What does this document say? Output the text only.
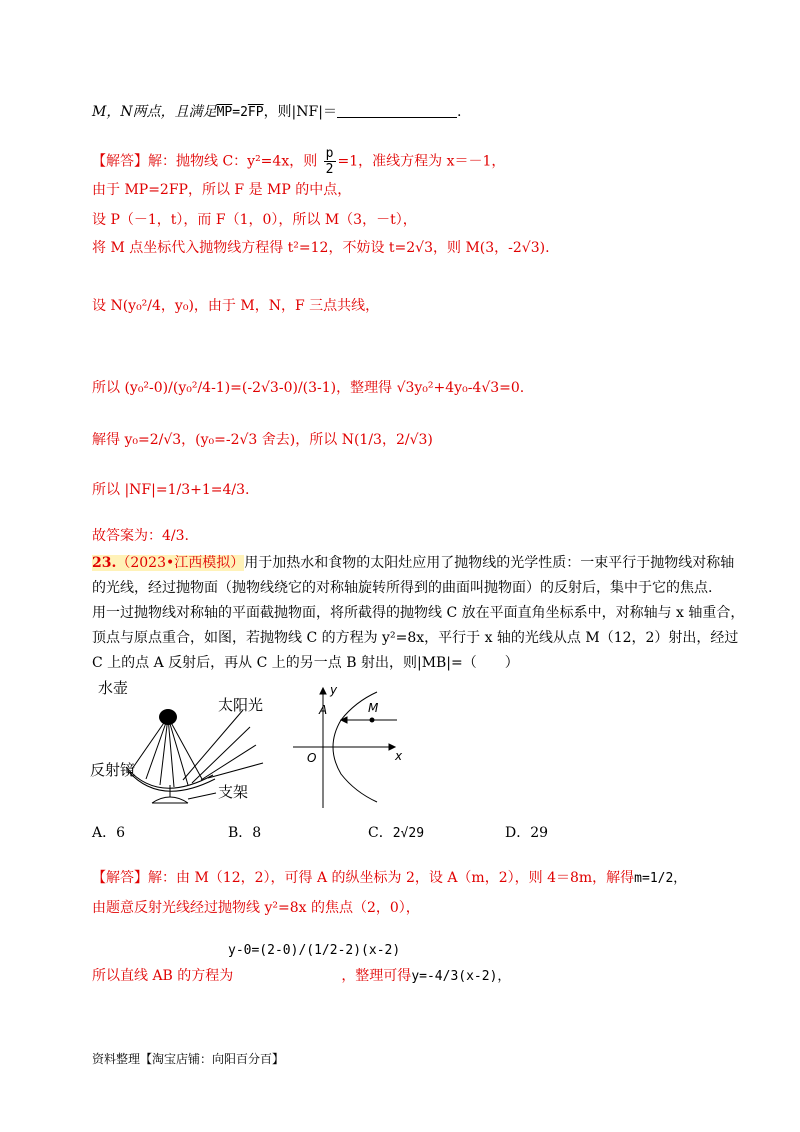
M，N两点，且满足$\overline{MP}=2\overline{FP}$，则|NF|＝	.
【解答】解：抛物线 C：y²=4x，则 $\frac{p}{2} =1$，准线方程为 x＝－1，
由于 MP=2FP，所以 F 是 MP 的中点，
设 P（－1，t），而 F（1，0），所以 M（3，－t），
将 M 点坐标代入抛物线方程得 t²=12，不妨设 t=2√3，则 M(3，-2√3).
设 N(y₀²/4，y₀)，由于 M，N，F 三点共线，
所以 (y₀²-0)/(y₀²/4-1)=(-2√3-0)/(3-1)，整理得 √3y₀²+4y₀-4√3=0.
解得 y₀=2/√3，(y₀=-2√3 舍去)，所以 N(1/3，2/√3)
所以 |NF|=1/3+1=4/3.
故答案为：4/3.
23.（2023•江西模拟）用于加热水和食物的太阳灶应用了抛物线的光学性质：一束平行于抛物线对称轴
的光线，经过抛物面（抛物线绕它的对称轴旋转所得到的曲面叫抛物面）的反射后，集中于它的焦点.
用一过抛物线对称轴的平面截抛物面，将所截得的抛物线 C 放在平面直角坐标系中，对称轴与 x 轴重合，
顶点与原点重合，如图，若抛物线 C 的方程为 y²=8x，平行于 x 轴的光线从点 M（12，2）射出，经过
C 上的点 A 反射后，再从 C 上的另一点 B 射出，则|MB|=（　　）
水壶
太阳光
反射镜
支架
y
x
O
A	M
A．6	B．8	C．2√29	D．29
【解答】解：由 M（12，2），可得 A 的纵坐标为 2，设 A（m，2），则 4＝8m，解得m=1/2，
由题意反射光线经过抛物线 y²=8x 的焦点（2，0），
y-0=(2-0)/(1/2-2)(x-2)
所以直线 AB 的方程为	，整理可得y=-4/3(x-2)，
资料整理【淘宝店铺：向阳百分百】
